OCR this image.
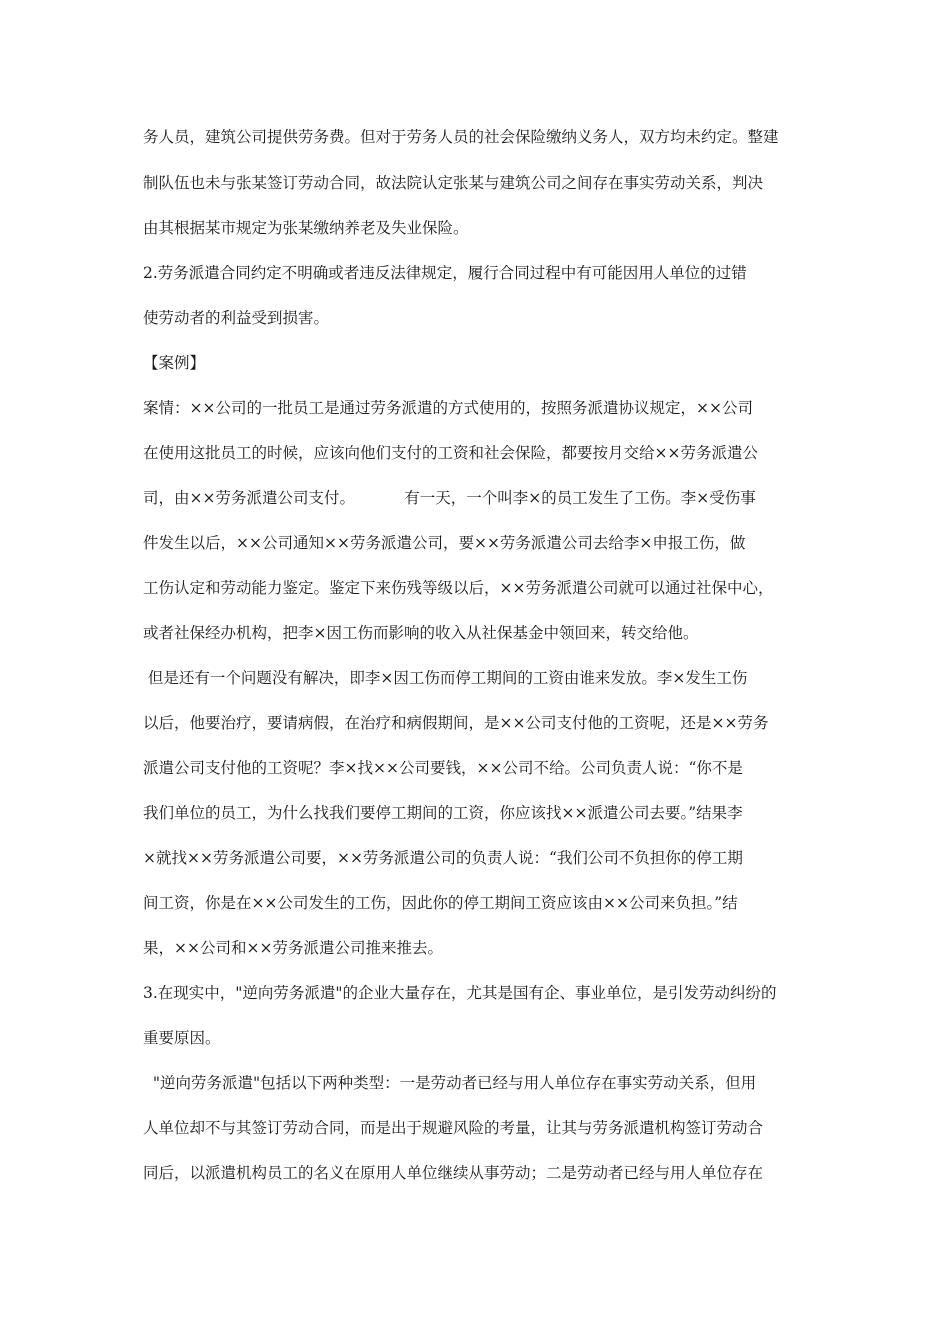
务人员，建筑公司提供劳务费。但对于劳务人员的社会保险缴纳义务人，双方均未约定。整建
制队伍也未与张某签订劳动合同，故法院认定张某与建筑公司之间存在事实劳动关系，判决
由其根据某市规定为张某缴纳养老及失业保险。
2.劳务派遣合同约定不明确或者违反法律规定，履行合同过程中有可能因用人单位的过错
使劳动者的利益受到损害。
【案例】
案情：××公司的一批员工是通过劳务派遣的方式使用的，按照务派遣协议规定，××公司
在使用这批员工的时候，应该向他们支付的工资和社会保险，都要按月交给××劳务派遣公
司，由××劳务派遣公司支付。          有一天，一个叫李×的员工发生了工伤。李×受伤事
件发生以后，××公司通知××劳务派遣公司，要××劳务派遣公司去给李×申报工伤，做
工伤认定和劳动能力鉴定。鉴定下来伤残等级以后，××劳务派遣公司就可以通过社保中心，
或者社保经办机构，把李×因工伤而影响的收入从社保基金中领回来，转交给他。
但是还有一个问题没有解决，即李×因工伤而停工期间的工资由谁来发放。李×发生工伤
以后，他要治疗，要请病假，在治疗和病假期间，是××公司支付他的工资呢，还是××劳务
派遣公司支付他的工资呢？李×找××公司要钱，××公司不给。公司负责人说：“你不是
我们单位的员工，为什么找我们要停工期间的工资，你应该找××派遣公司去要。”结果李
×就找××劳务派遣公司要，××劳务派遣公司的负责人说：“我们公司不负担你的停工期
间工资，你是在××公司发生的工伤，因此你的停工期间工资应该由××公司来负担。”结
果，××公司和××劳务派遣公司推来推去。
3.在现实中，"逆向劳务派遣"的企业大量存在，尤其是国有企、事业单位，是引发劳动纠纷的
重要原因。
"逆向劳务派遣"包括以下两种类型：一是劳动者已经与用人单位存在事实劳动关系，但用
人单位却不与其签订劳动合同，而是出于规避风险的考量，让其与劳务派遣机构签订劳动合
同后，以派遣机构员工的名义在原用人单位继续从事劳动；二是劳动者已经与用人单位存在
